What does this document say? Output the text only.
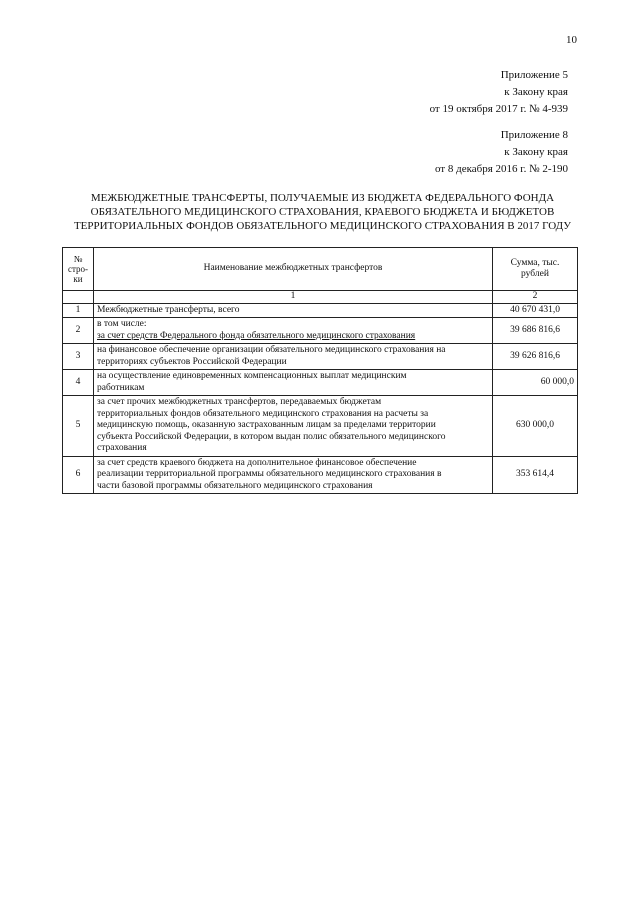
10
Приложение 5
к Закону края
от 19 октября 2017 г. № 4-939
Приложение 8
к Закону края
от 8 декабря 2016 г. № 2-190
МЕЖБЮДЖЕТНЫЕ ТРАНСФЕРТЫ, ПОЛУЧАЕМЫЕ ИЗ БЮДЖЕТА ФЕДЕРАЛЬНОГО ФОНДА
ОБЯЗАТЕЛЬНОГО МЕДИЦИНСКОГО СТРАХОВАНИЯ, КРАЕВОГО БЮДЖЕТА И БЮДЖЕТОВ
ТЕРРИТОРИАЛЬНЫХ ФОНДОВ ОБЯЗАТЕЛЬНОГО МЕДИЦИНСКОГО СТРАХОВАНИЯ В 2017 ГОДУ
№
стро-
ки	Наименование межбюджетных трансфертов	Сумма, тыс.
рублей

	1	2
1	Межбюджетные трансферты, всего	40 670 431,0
2	в том числе:
за счет средств Федерального фонда обязательного медицинского страхования	39 686 816,6
3	на финансовое обеспечение организации обязательного медицинского страхования на
территориях субъектов Российской Федерации	39 626 816,6
4	на осуществление единовременных компенсационных выплат медицинским
работникам	60 000,0
5	за счет прочих межбюджетных трансфертов, передаваемых бюджетам
территориальных фондов обязательного медицинского страхования на расчеты за
медицинскую помощь, оказанную застрахованным лицам за пределами территории
субъекта Российской Федерации, в котором выдан полис обязательного медицинского
страхования	630 000,0
6	за счет средств краевого бюджета на дополнительное финансовое обеспечение
реализации территориальной программы обязательного медицинского страхования в
части базовой программы обязательного медицинского страхования	353 614,4
